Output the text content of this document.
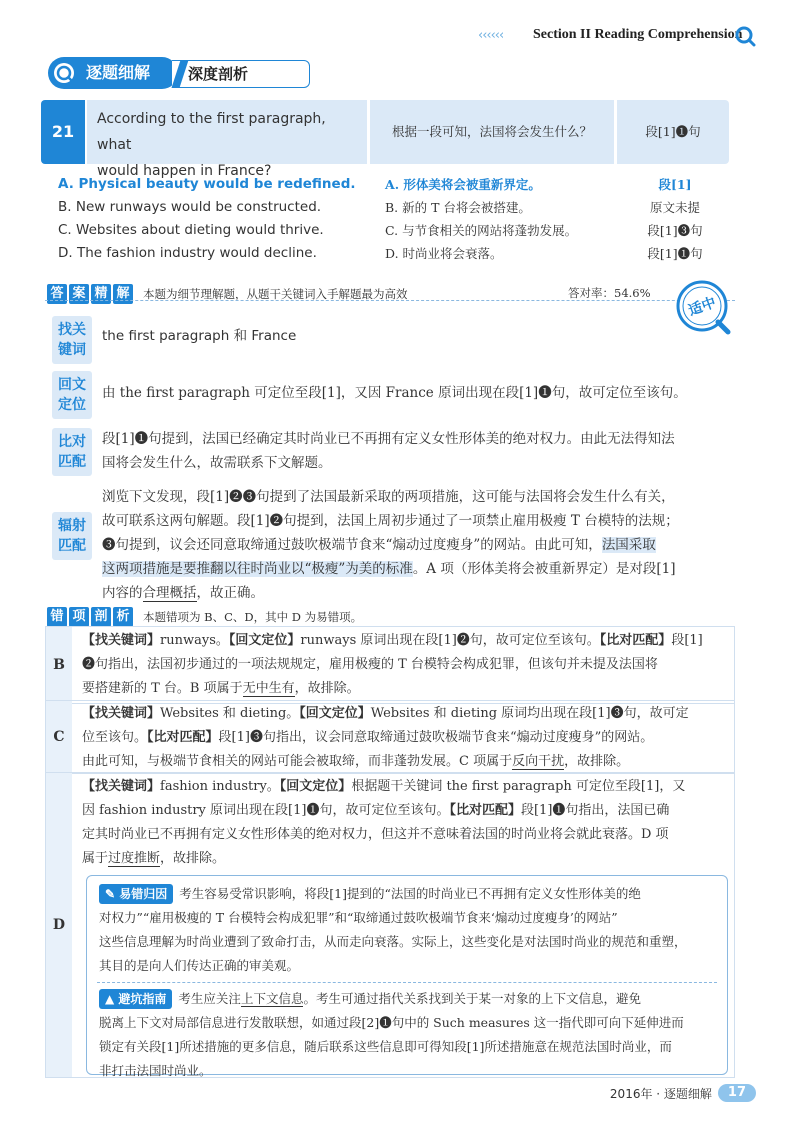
‹‹‹‹‹‹ Section II Reading Comprehension
逐题细解	深度剖析
21
According to the first paragraph, what
would happen in France?
根据一段可知，法国将会发生什么？	段[1]❶句
A. Physical beauty would be redefined. A. 形体美将会被重新界定。	段[1]
B. New runways would be constructed.	B. 新的 T 台将会被搭建。	原文未提
C. Websites about dieting would thrive.	C. 与节食相关的网站将蓬勃发展。	段[1]❸句
D. The fashion industry would decline.	D. 时尚业将会衰落。	段[1]❶句
答 案 精 解	本题为细节理解题，从题干关键词入手解题最为高效	答对率：54.6%
适中
找关
键词
the first paragraph 和 France
回文
定位
由 the first paragraph 可定位至段[1]，又因 France 原词出现在段[1]❶句，故可定位至该句。
比对
匹配
段[1]❶句提到，法国已经确定其时尚业已不再拥有定义女性形体美的绝对权力。由此无法得知法
国将会发生什么，故需联系下文解题。
辐射
匹配
浏览下文发现，段[1]❷❸句提到了法国最新采取的两项措施，这可能与法国将会发生什么有关，
故可联系这两句解题。段[1]❷句提到，法国上周初步通过了一项禁止雇用极瘦 T 台模特的法规；
❸句提到，议会还同意取缔通过鼓吹极端节食来“煽动过度瘦身”的网站。由此可知，法国采取
这两项措施是要推翻以往时尚业以“极瘦”为美的标准。A 项（形体美将会被重新界定）是对段[1]
内容的合理概括，故正确。
错 项 剖 析	本题错项为 B、C、D，其中 D 为易错项。
B
【找关键词】runways。【回文定位】runways 原词出现在段[1]❷句，故可定位至该句。【比对匹配】段[1]
❷句指出，法国初步通过的一项法规规定，雇用极瘦的 T 台模特会构成犯罪，但该句并未提及法国将
要搭建新的 T 台。B 项属于无中生有，故排除。
C
【找关键词】Websites 和 dieting。【回文定位】Websites 和 dieting 原词均出现在段[1]❸句，故可定
位至该句。【比对匹配】段[1]❸句指出，议会同意取缔通过鼓吹极端节食来“煽动过度瘦身”的网站。
由此可知，与极端节食相关的网站可能会被取缔，而非蓬勃发展。C 项属于反向干扰，故排除。
D
【找关键词】fashion industry。【回文定位】根据题干关键词 the first paragraph 可定位至段[1]，又
因 fashion industry 原词出现在段[1]❶句，故可定位至该句。【比对匹配】段[1]❶句指出，法国已确
定其时尚业已不再拥有定义女性形体美的绝对权力，但这并不意味着法国的时尚业将会就此衰落。D 项
属于过度推断，故排除。
✎ 易错归因 考生容易受常识影响，将段[1]提到的“法国的时尚业已不再拥有定义女性形体美的绝
对权力”“雇用极瘦的 T 台模特会构成犯罪”和“取缔通过鼓吹极端节食来‘煽动过度瘦身’的网站”
这些信息理解为时尚业遭到了致命打击，从而走向衰落。实际上，这些变化是对法国时尚业的规范和重塑，
其目的是向人们传达正确的审美观。
▲ 避坑指南 考生应关注上下文信息。考生可通过指代关系找到关于某一对象的上下文信息，避免
脱离上下文对局部信息进行发散联想，如通过段[2]❶句中的 Such measures 这一指代即可向下延伸进而
锁定有关段[1]所述措施的更多信息，随后联系这些信息即可得知段[1]所述措施意在规范法国时尚业，而
非打击法国时尚业。
2016年 · 逐题细解	17
